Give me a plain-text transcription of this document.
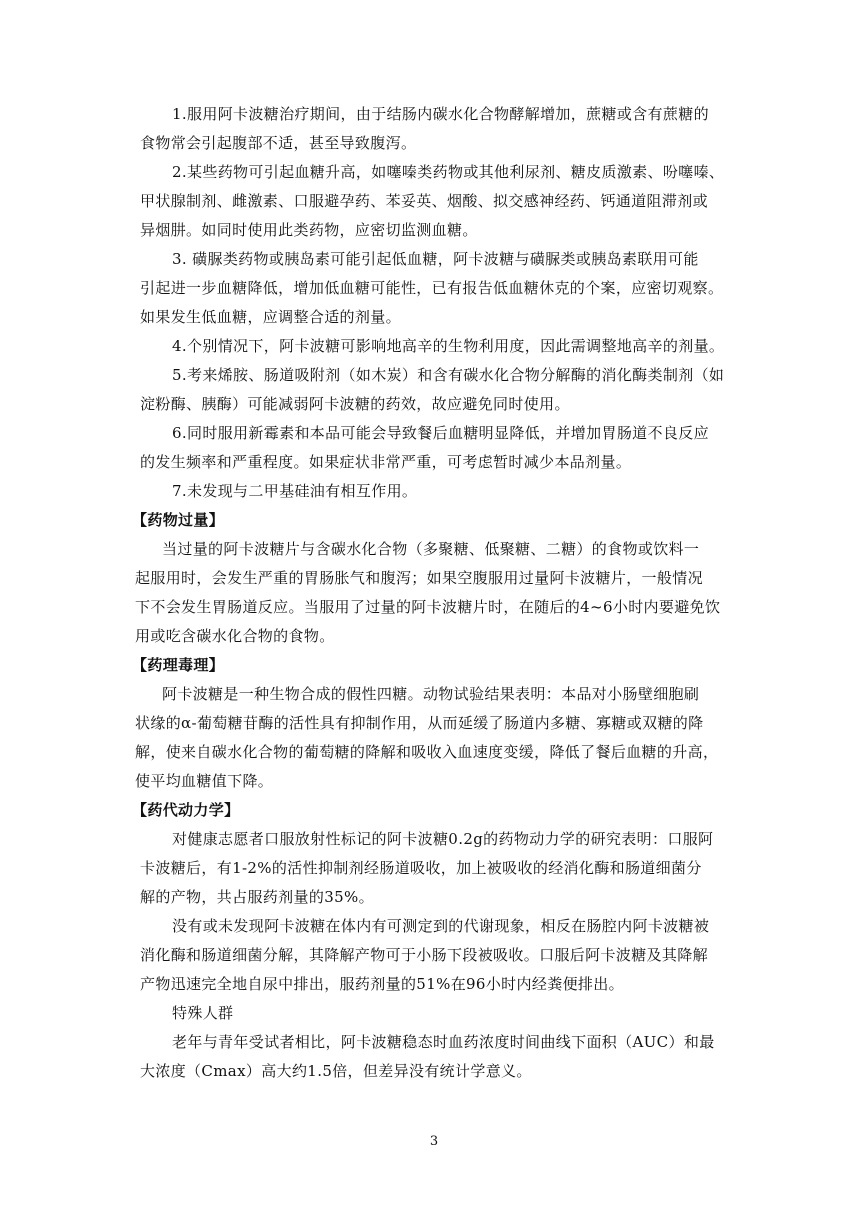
1.服用阿卡波糖治疗期间，由于结肠内碳水化合物酵解增加，蔗糖或含有蔗糖的
食物常会引起腹部不适，甚至导致腹泻。
2.某些药物可引起血糖升高，如噻嗪类药物或其他利尿剂、糖皮质激素、吩噻嗪、
甲状腺制剂、雌激素、口服避孕药、苯妥英、烟酸、拟交感神经药、钙通道阻滞剂或
异烟肼。如同时使用此类药物，应密切监测血糖。
3. 磺脲类药物或胰岛素可能引起低血糖，阿卡波糖与磺脲类或胰岛素联用可能
引起进一步血糖降低，增加低血糖可能性，已有报告低血糖休克的个案，应密切观察。
如果发生低血糖，应调整合适的剂量。
4.个别情况下，阿卡波糖可影响地高辛的生物利用度，因此需调整地高辛的剂量。
5.考来烯胺、肠道吸附剂（如木炭）和含有碳水化合物分解酶的消化酶类制剂（如
淀粉酶、胰酶）可能减弱阿卡波糖的药效，故应避免同时使用。
6.同时服用新霉素和本品可能会导致餐后血糖明显降低，并增加胃肠道不良反应
的发生频率和严重程度。如果症状非常严重，可考虑暂时减少本品剂量。
7.未发现与二甲基硅油有相互作用。
【药物过量】
当过量的阿卡波糖片与含碳水化合物（多聚糖、低聚糖、二糖）的食物或饮料一
起服用时，会发生严重的胃肠胀气和腹泻；如果空腹服用过量阿卡波糖片，一般情况
下不会发生胃肠道反应。当服用了过量的阿卡波糖片时，在随后的4~6小时内要避免饮
用或吃含碳水化合物的食物。
【药理毒理】
阿卡波糖是一种生物合成的假性四糖。动物试验结果表明：本品对小肠壁细胞刷
状缘的α-葡萄糖苷酶的活性具有抑制作用，从而延缓了肠道内多糖、寡糖或双糖的降
解，使来自碳水化合物的葡萄糖的降解和吸收入血速度变缓，降低了餐后血糖的升高，
使平均血糖值下降。
【药代动力学】
对健康志愿者口服放射性标记的阿卡波糖0.2g的药物动力学的研究表明：口服阿
卡波糖后，有1-2%的活性抑制剂经肠道吸收，加上被吸收的经消化酶和肠道细菌分
解的产物，共占服药剂量的35%。
没有或未发现阿卡波糖在体内有可测定到的代谢现象，相反在肠腔内阿卡波糖被
消化酶和肠道细菌分解，其降解产物可于小肠下段被吸收。口服后阿卡波糖及其降解
产物迅速完全地自尿中排出，服药剂量的51%在96小时内经粪便排出。
特殊人群
老年与青年受试者相比，阿卡波糖稳态时血药浓度时间曲线下面积（AUC）和最
大浓度（Cmax）高大约1.5倍，但差异没有统计学意义。
3
